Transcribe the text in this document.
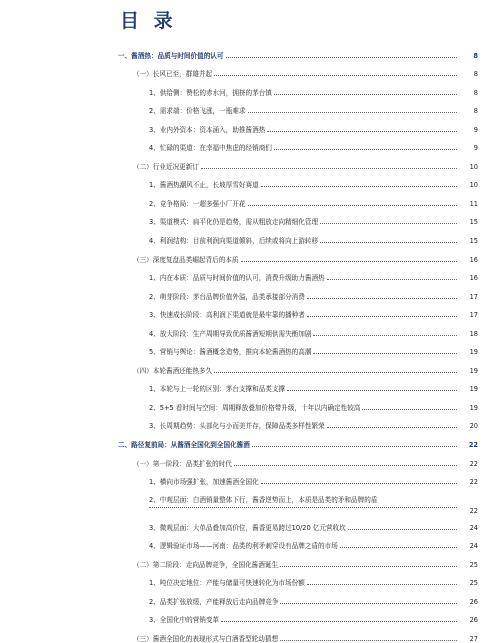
目 录
一、酱酒热：品质与时间价值的认可	8
（一）长风已至，群雄并起	8
1、供给侧：赞松的赤水河，拥挤的茅台镇	8
2、需求端：价格飞涨，一瓶难求	8
3、业内外资本：资本涌入，助推酱酒热	9
4、忙碌的渠道：在幸福中焦虑的经销商们	9
（二）行业近况更新订	10
1、酱酒热潮风不止，长坡厚雪好赛道	10
2、竞争格局：一超多强小厂开花	11
3、渠道模式：扁平化仍是趋势，需从粗放走向精细化管理	15
4、利润结构：目前利润向渠道倾斜，后续或将向上游转移	15
（三）深度复盘品类崛起背后的本质	16
1、内在本质：品质与时间价值的认可，消费升级助力酱酒热	16
2、萌芽阶段：茅台品牌价值外溢，品类承接部分消费	17
3、快速成长阶段：高利润下渠道就是最牢靠的播种者	17
4、放大阶段：生产周期导致优质酱酒短期供需失衡加剧	18
5、营销与舆论：酱酒概念造势，推向本轮酱酒热的高潮	19
（四）本轮酱酒还能热多久	19
1、本轮与上一轮的区别：茅台支撑和品类支撑	19
2、5+5 看时间与空间：周期释放叠加价格带升级，十年以内确定性较高	19
3、长周期趋势：头部化与小而美并存，保障品类多样性繁荣	20
二、路径复前局：从酱酒全国化到全国化酱酒	22
（一）第一阶段：品类扩张的时代	22
1、横向市场强扩张，加速酱酒全国化	22
2、中观层面：白酒销量整体下行，酱香逆势而上，本质是品类的矛和品牌的盾
22
3、微观层面：大单品叠加高价位，酱香更易跨过10/20 亿元营收坎	24
4、逻辑验证市场——河南：品类的利矛刺穿设有品牌之盾的市场	24
（二）第二阶段：走向品牌竞争，全国化酱酒诞生	25
1、吨位决定地位：产能与储量可快速转化为市场份额	25
2、品类扩张放缓，产能释放后走向品牌竞争	26
3、全国化中的营销变革	26
（三）酱酒全国化的表现形式与白酒香型轮动猜想	27
